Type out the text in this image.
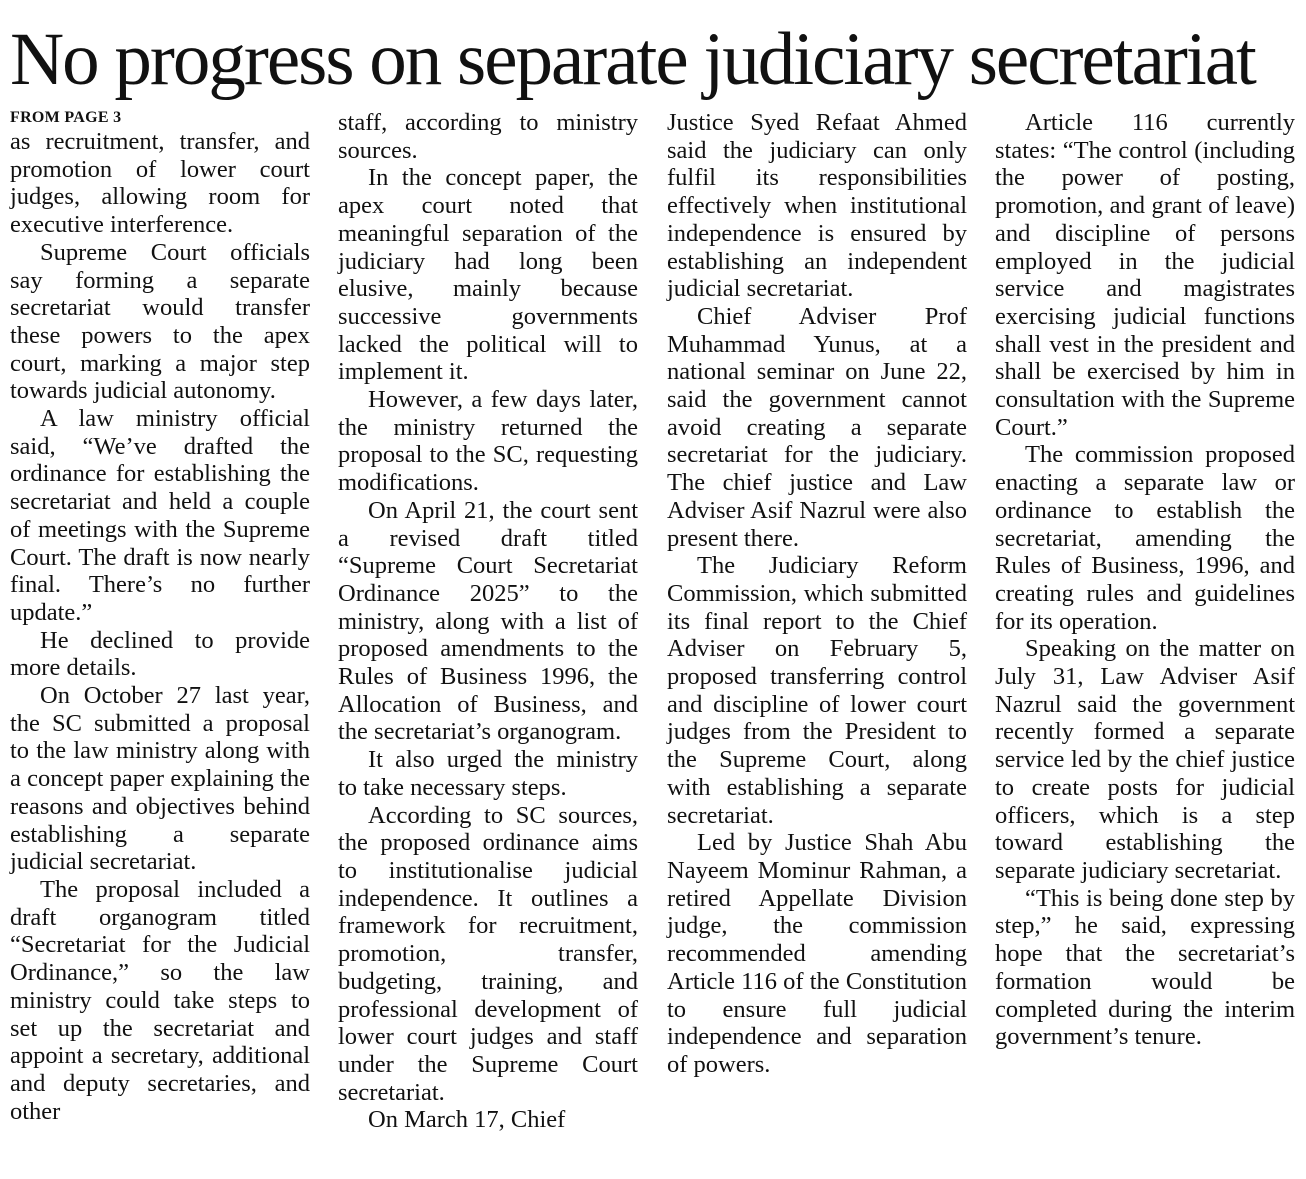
No progress on separate judiciary secretariat
FROM PAGE 3

as recruitment, transfer, and promotion of lower court judges, allowing room for executive interference.

Supreme Court officials say forming a separate secretariat would transfer these powers to the apex court, marking a major step towards judicial autonomy.

A law ministry official said, “We’ve drafted the ordinance for establishing the secretariat and held a couple of meetings with the Supreme Court. The draft is now nearly final. There’s no further update.”

He declined to provide more details.

On October 27 last year, the SC submitted a proposal to the law ministry along with a concept paper explaining the reasons and objectives behind establishing a separate judicial secretariat.

The proposal included a draft organogram titled “Secretariat for the Judicial Ordinance,” so the law ministry could take steps to set up the secretariat and appoint a secretary, additional and deputy secretaries, and other

staff, according to ministry sources.

In the concept paper, the apex court noted that meaningful separation of the judiciary had long been elusive, mainly because successive governments lacked the political will to implement it.

However, a few days later, the ministry returned the proposal to the SC, requesting modifications.

On April 21, the court sent a revised draft titled “Supreme Court Secretariat Ordinance 2025” to the ministry, along with a list of proposed amendments to the Rules of Business 1996, the Allocation of Business, and the secretariat’s organogram.

It also urged the ministry to take necessary steps.

According to SC sources, the proposed ordinance aims to institutionalise judicial independence. It outlines a framework for recruitment, promotion, transfer, budgeting, training, and professional development of lower court judges and staff under the Supreme Court secretariat.

On March 17, Chief

Justice Syed Refaat Ahmed said the judiciary can only fulfil its responsibilities effectively when institutional independence is ensured by establishing an independent judicial secretariat.

Chief Adviser Prof Muhammad Yunus, at a national seminar on June 22, said the government cannot avoid creating a separate secretariat for the judiciary. The chief justice and Law Adviser Asif Nazrul were also present there.

The Judiciary Reform Commission, which submitted its final report to the Chief Adviser on February 5, proposed transferring control and discipline of lower court judges from the President to the Supreme Court, along with establishing a separate secretariat.

Led by Justice Shah Abu Nayeem Mominur Rahman, a retired Appellate Division judge, the commission recommended amending Article 116 of the Constitution to ensure full judicial independence and separation of powers.

Article 116 currently states: “The control (including the power of posting, promotion, and grant of leave) and discipline of persons employed in the judicial service and magistrates exercising judicial functions shall vest in the president and shall be exercised by him in consultation with the Supreme Court.”

The commission proposed enacting a separate law or ordinance to establish the secretariat, amending the Rules of Business, 1996, and creating rules and guidelines for its operation.

Speaking on the matter on July 31, Law Adviser Asif Nazrul said the government recently formed a separate service led by the chief justice to create posts for judicial officers, which is a step toward establishing the separate judiciary secretariat.

“This is being done step by step,” he said, expressing hope that the secretariat’s formation would be completed during the interim government’s tenure.
